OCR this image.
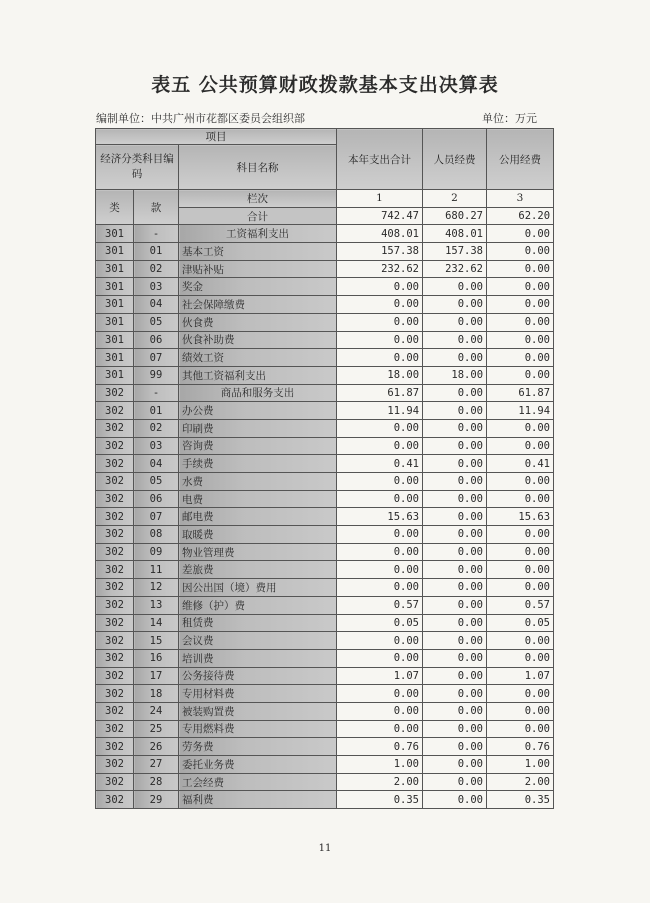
表五 公共预算财政拨款基本支出决算表
编制单位：中共广州市花都区委员会组织部	单位：万元
项目			本年支出合计	人员经费	公用经费
经济分类科目编码		科目名称			

类	款	栏次	1	2	3
		合计	742.47	680.27	62.20
301	-	工资福利支出	408.01	408.01	0.00
301	01	基本工资	157.38	157.38	0.00
301	02	津贴补贴	232.62	232.62	0.00
301	03	奖金	0.00	0.00	0.00
301	04	社会保障缴费	0.00	0.00	0.00
301	05	伙食费	0.00	0.00	0.00
301	06	伙食补助费	0.00	0.00	0.00
301	07	绩效工资	0.00	0.00	0.00
301	99	其他工资福利支出	18.00	18.00	0.00
302	-	商品和服务支出	61.87	0.00	61.87
302	01	办公费	11.94	0.00	11.94
302	02	印刷费	0.00	0.00	0.00
302	03	咨询费	0.00	0.00	0.00
302	04	手续费	0.41	0.00	0.41
302	05	水费	0.00	0.00	0.00
302	06	电费	0.00	0.00	0.00
302	07	邮电费	15.63	0.00	15.63
302	08	取暖费	0.00	0.00	0.00
302	09	物业管理费	0.00	0.00	0.00
302	11	差旅费	0.00	0.00	0.00
302	12	因公出国（境）费用	0.00	0.00	0.00
302	13	维修（护）费	0.57	0.00	0.57
302	14	租赁费	0.05	0.00	0.05
302	15	会议费	0.00	0.00	0.00
302	16	培训费	0.00	0.00	0.00
302	17	公务接待费	1.07	0.00	1.07
302	18	专用材料费	0.00	0.00	0.00
302	24	被装购置费	0.00	0.00	0.00
302	25	专用燃料费	0.00	0.00	0.00
302	26	劳务费	0.76	0.00	0.76
302	27	委托业务费	1.00	0.00	1.00
302	28	工会经费	2.00	0.00	2.00
302	29	福利费	0.35	0.00	0.35
11
